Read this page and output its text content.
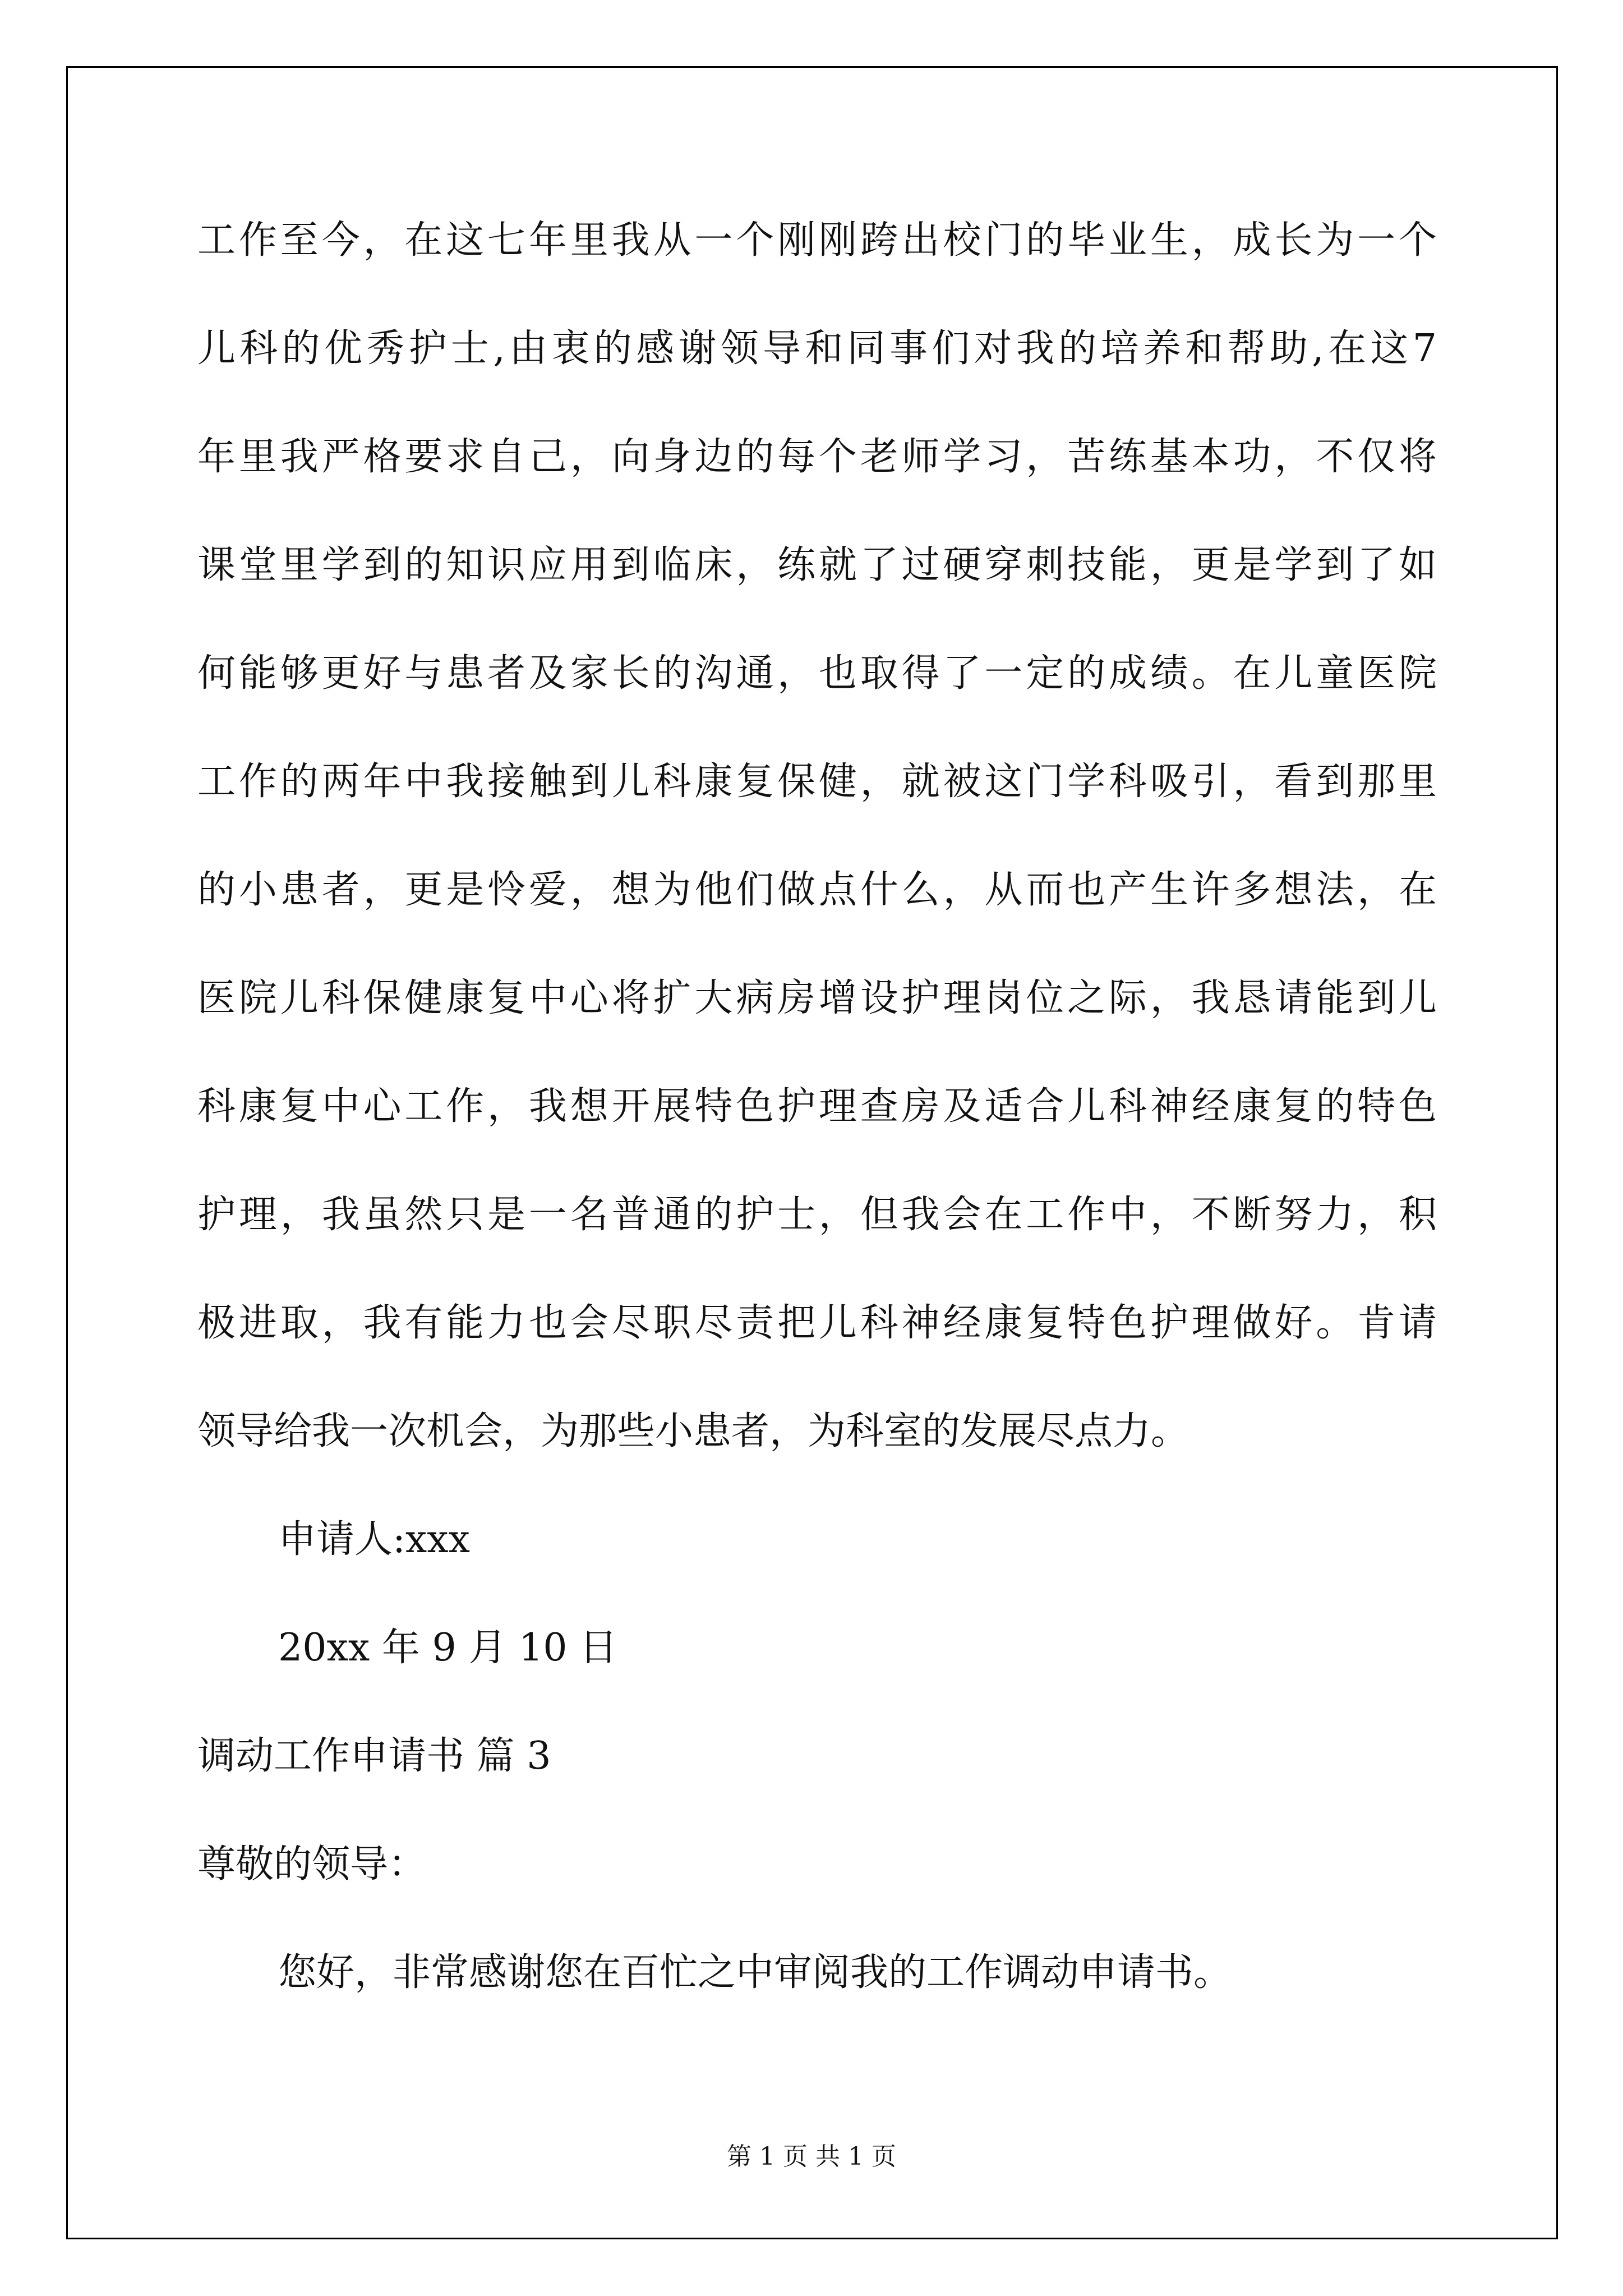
工作至今，在这七年里我从一个刚刚跨出校门的毕业生，成长为一个
儿科的优秀护士,由衷的感谢领导和同事们对我的培养和帮助,在这7
年里我严格要求自己，向身边的每个老师学习，苦练基本功，不仅将
课堂里学到的知识应用到临床，练就了过硬穿刺技能，更是学到了如
何能够更好与患者及家长的沟通，也取得了一定的成绩。在儿童医院
工作的两年中我接触到儿科康复保健，就被这门学科吸引，看到那里
的小患者，更是怜爱，想为他们做点什么，从而也产生许多想法，在
医院儿科保健康复中心将扩大病房增设护理岗位之际，我恳请能到儿
科康复中心工作，我想开展特色护理查房及适合儿科神经康复的特色
护理，我虽然只是一名普通的护士，但我会在工作中，不断努力，积
极进取，我有能力也会尽职尽责把儿科神经康复特色护理做好。肯请
领导给我一次机会，为那些小患者，为科室的发展尽点力。
申请人:xxx
20xx 年 9 月 10 日
调动工作申请书 篇 3
尊敬的领导：
您好，非常感谢您在百忙之中审阅我的工作调动申请书。
第 1 页 共 1 页
